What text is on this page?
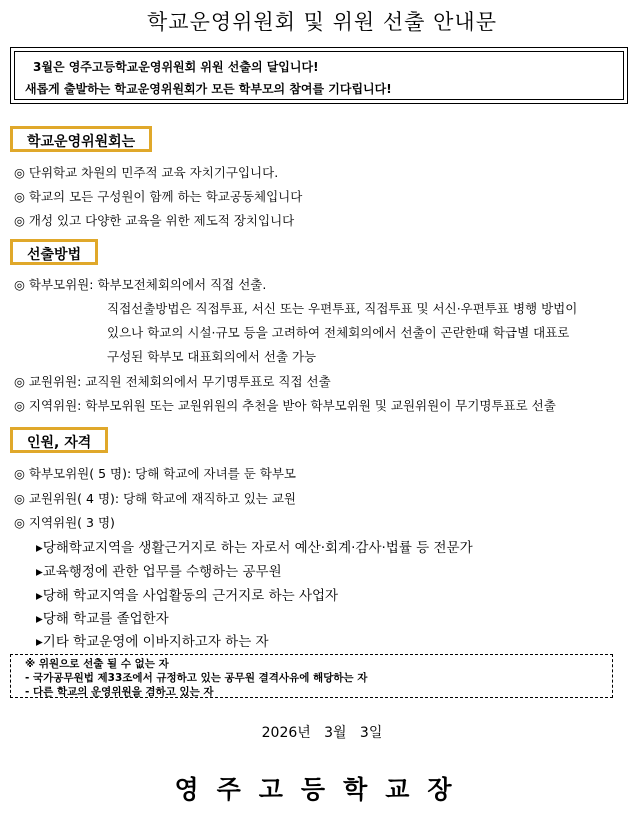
학교운영위원회 및 위원 선출 안내문
3월은 영주고등학교운영위원회 위원 선출의 달입니다!
새롭게 출발하는 학교운영위원회가 모든 학부모의 참여를 기다립니다!
학교운영위원회는
◎ 단위학교 차원의 민주적 교육 자치기구입니다.
◎ 학교의 모든 구성원이 함께 하는 학교공동체입니다
◎ 개성 있고 다양한 교육을 위한 제도적 장치입니다
선출방법
◎ 학부모위원: 학부모전체회의에서 직접 선출.
직접선출방법은 직접투표, 서신 또는 우편투표, 직접투표 및 서신·우편투표 병행 방법이
있으나 학교의 시설·규모 등을 고려하여 전체회의에서 선출이 곤란한때 학급별 대표로
구성된 학부모 대표회의에서 선출 가능
◎ 교원위원: 교직원 전체회의에서 무기명투표로 직접 선출
◎ 지역위원: 학부모위원 또는 교원위원의 추천을 받아 학부모위원 및 교원위원이 무기명투표로 선출
인원, 자격
◎ 학부모위원( 5 명): 당해 학교에 자녀를 둔 학부모
◎ 교원위원( 4 명): 당해 학교에 재직하고 있는 교원
◎ 지역위원( 3 명)
▸당해학교지역을 생활근거지로 하는 자로서 예산·회계·감사·법률 등 전문가
▸교육행정에 관한 업무를 수행하는 공무원
▸당해 학교지역을 사업활동의 근거지로 하는 사업자
▸당해 학교를 졸업한자
▸기타 학교운영에 이바지하고자 하는 자
※ 위원으로 선출 될 수 없는 자
- 국가공무원법 제33조에서 규정하고 있는 공무원 결격사유에 해당하는 자
- 다른 학교의 운영위원을 겸하고 있는 자
2026년   3월   3일
영주고등학교장
